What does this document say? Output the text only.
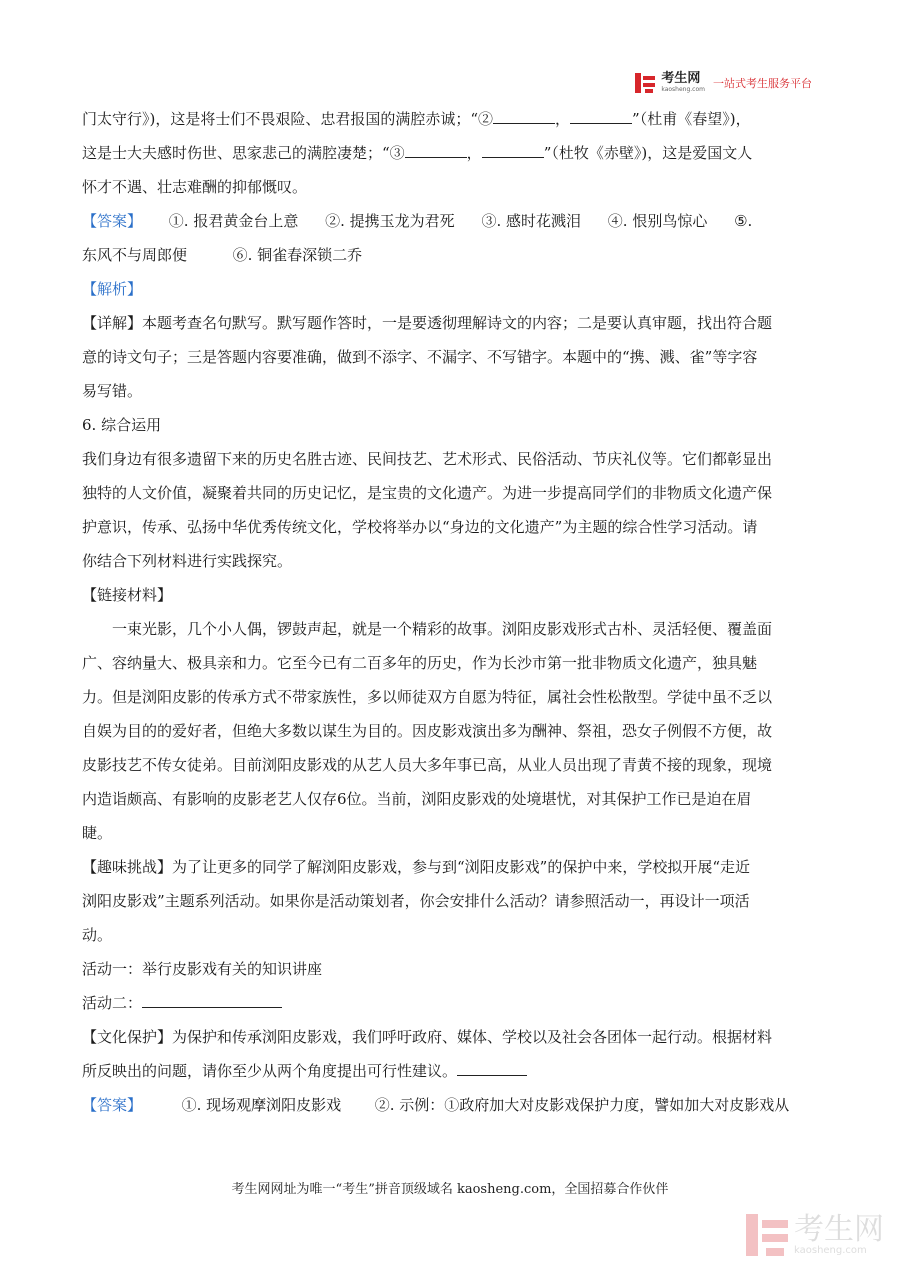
考生网
kaosheng.com 一站式考生服务平台

门太守行》)，这是将士们不畏艰险、忠君报国的满腔赤诚；“②	，	”（杜甫《春望》)，

这是士大夫感时伤世、思家悲己的满腔凄楚；“③	，	”（杜牧《赤壁》)，这是爱国文人

怀才不遇、壮志难酬的抑郁慨叹。

【答案】 ①. 报君黄金台上意 ②. 提携玉龙为君死 ③. 感时花溅泪 ④. 恨别鸟惊心 ⑤.

东风不与周郎便	⑥. 铜雀春深锁二乔

【解析】

【详解】本题考查名句默写。默写题作答时，一是要透彻理解诗文的内容；二是要认真审题，找出符合题

意的诗文句子；三是答题内容要准确，做到不添字、不漏字、不写错字。本题中的“携、溅、雀”等字容

易写错。

6. 综合运用

我们身边有很多遗留下来的历史名胜古迹、民间技艺、艺术形式、民俗活动、节庆礼仪等。它们都彰显出

独特的人文价值，凝聚着共同的历史记忆，是宝贵的文化遗产。为进一步提高同学们的非物质文化遗产保

护意识，传承、弘扬中华优秀传统文化，学校将举办以“身边的文化遗产”为主题的综合性学习活动。请

你结合下列材料进行实践探究。

【链接材料】

一束光影，几个小人偶，锣鼓声起，就是一个精彩的故事。浏阳皮影戏形式古朴、灵活轻便、覆盖面

广、容纳量大、极具亲和力。它至今已有二百多年的历史，作为长沙市第一批非物质文化遗产，独具魅

力。但是浏阳皮影的传承方式不带家族性，多以师徒双方自愿为特征，属社会性松散型。学徒中虽不乏以

自娱为目的的爱好者，但绝大多数以谋生为目的。因皮影戏演出多为酬神、祭祖，恐女子例假不方便，故

皮影技艺不传女徒弟。目前浏阳皮影戏的从艺人员大多年事已高，从业人员出现了青黄不接的现象，现境

内造诣颇高、有影响的皮影老艺人仅存6位。当前，浏阳皮影戏的处境堪忧，对其保护工作已是迫在眉

睫。

【趣味挑战】为了让更多的同学了解浏阳皮影戏，参与到“浏阳皮影戏”的保护中来，学校拟开展“走近

浏阳皮影戏”主题系列活动。如果你是活动策划者，你会安排什么活动？请参照活动一，再设计一项活

动。

活动一：举行皮影戏有关的知识讲座

活动二：

【文化保护】为保护和传承浏阳皮影戏，我们呼吁政府、媒体、学校以及社会各团体一起行动。根据材料

所反映出的问题，请你至少从两个角度提出可行性建议。

【答案】	①. 现场观摩浏阳皮影戏 ②. 示例：①政府加大对皮影戏保护力度，譬如加大对皮影戏从

考生网网址为唯一“考生”拼音顶级域名 kaosheng.com，全国招募合作伙伴
考生网
kaosheng.com
